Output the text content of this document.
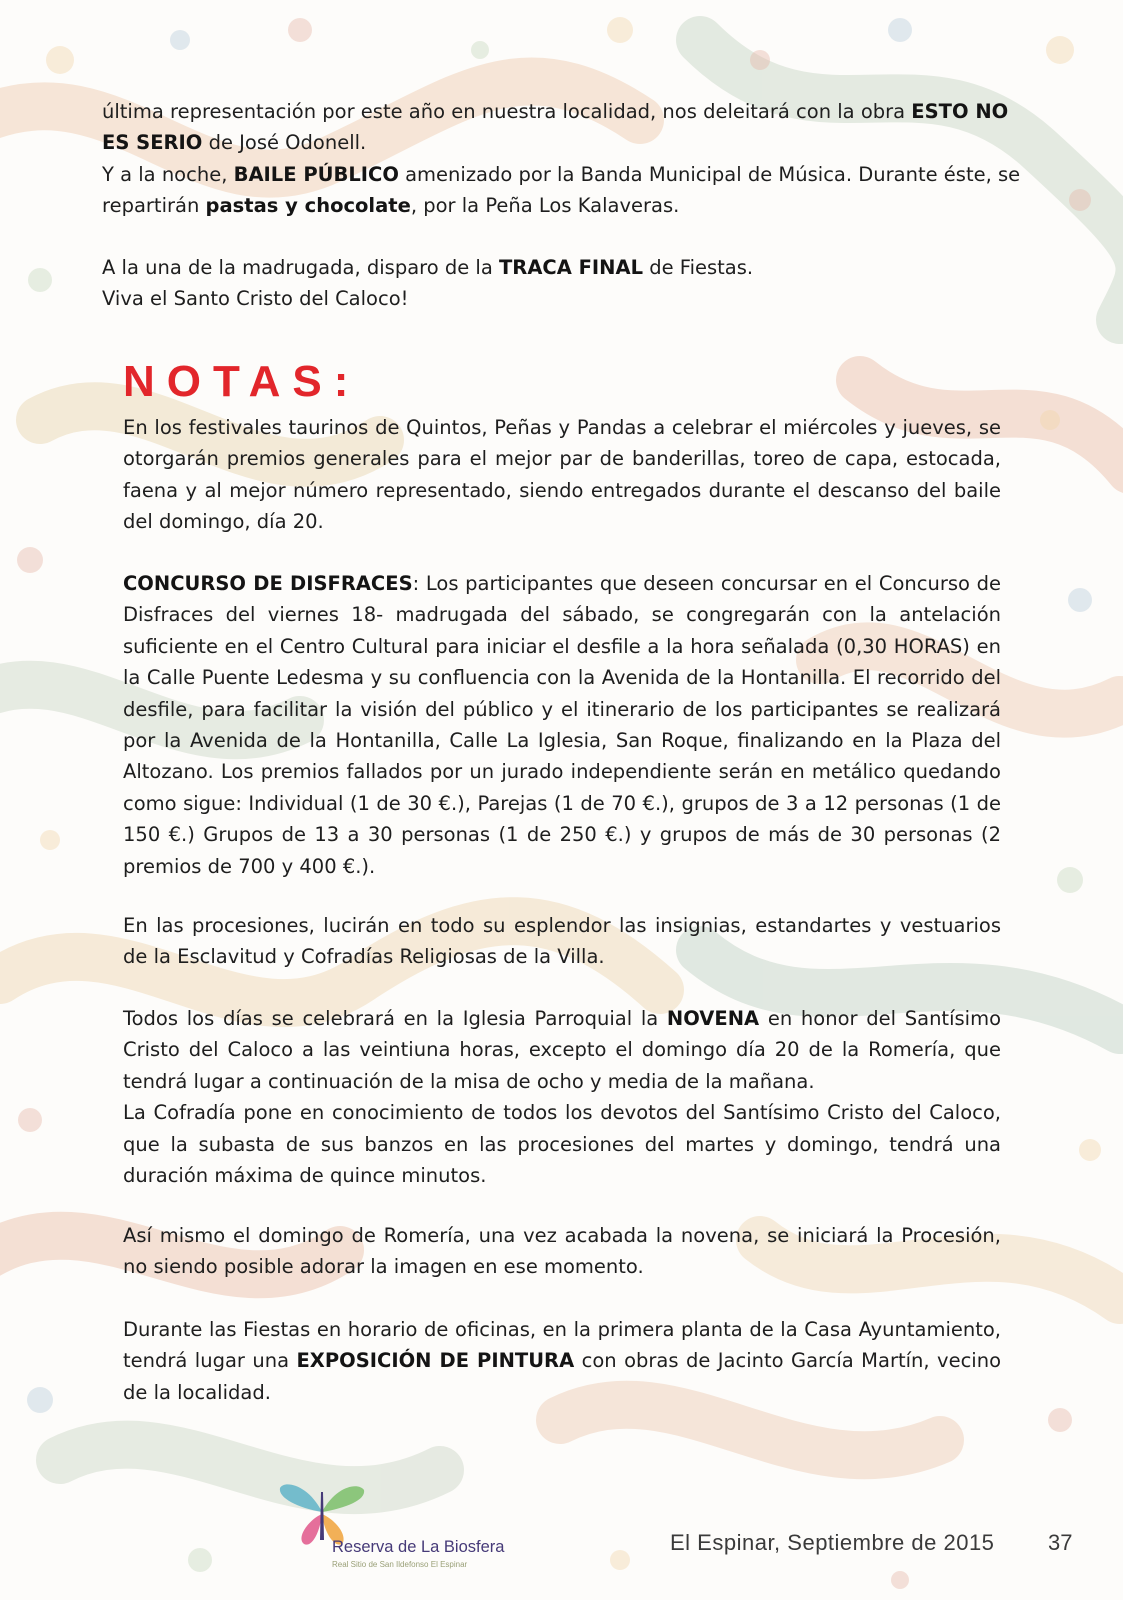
última representación por este año en nuestra localidad, nos deleitará con la obra ESTO NO ES SERIO de José Odonell.
Y a la noche, BAILE PÚBLICO amenizado por la Banda Municipal de Música. Durante éste, se repartirán pastas y chocolate, por la Peña Los Kalaveras.

A la una de la madrugada, disparo de la TRACA FINAL de Fiestas.
Viva el Santo Cristo del Caloco!

NOTAS:

En los festivales taurinos de Quintos, Peñas y Pandas a celebrar el miércoles y jueves, se otorgarán premios generales para el mejor par de banderillas, toreo de capa, estocada, faena y al mejor número representado, siendo entregados durante el descanso del baile del domingo, día 20.

CONCURSO DE DISFRACES: Los participantes que deseen concursar en el Concurso de Disfraces del viernes 18- madrugada del sábado, se congregarán con la antelación suficiente en el Centro Cultural para iniciar el desfile a la hora señalada (0,30 HORAS) en la Calle Puente Ledesma y su confluencia con la Avenida de la Hontanilla. El recorrido del desfile, para facilitar la visión del público y el itinerario de los participantes se realizará por la Avenida de la Hontanilla, Calle La Iglesia, San Roque, finalizando en la Plaza del Altozano. Los premios fallados por un jurado independiente serán en metálico quedando como sigue: Individual (1 de 30 €.), Parejas (1 de 70 €.), grupos de 3 a 12 personas (1 de 150 €.) Grupos de 13 a 30 personas (1 de 250 €.) y grupos de más de 30 personas (2 premios de 700 y 400 €.).

En las procesiones, lucirán en todo su esplendor las insignias, estandartes y vestuarios de la Esclavitud y Cofradías Religiosas de la Villa.

Todos los días se celebrará en la Iglesia Parroquial la NOVENA en honor del Santísimo Cristo del Caloco a las veintiuna horas, excepto el domingo día 20 de la Romería, que tendrá lugar a continuación de la misa de ocho y media de la mañana.
La Cofradía pone en conocimiento de todos los devotos del Santísimo Cristo del Caloco, que la subasta de sus banzos en las procesiones del martes y domingo, tendrá una duración máxima de quince minutos.

Así mismo el domingo de Romería, una vez acabada la novena, se iniciará la Procesión, no siendo posible adorar la imagen en ese momento.

Durante las Fiestas en horario de oficinas, en la primera planta de la Casa Ayuntamiento, tendrá lugar una EXPOSICIÓN DE PINTURA con obras de Jacinto García Martín, vecino de la localidad.

Reserva de La Biosfera
Real Sitio de San Ildefonso El Espinar
El Espinar, Septiembre de 2015 37
